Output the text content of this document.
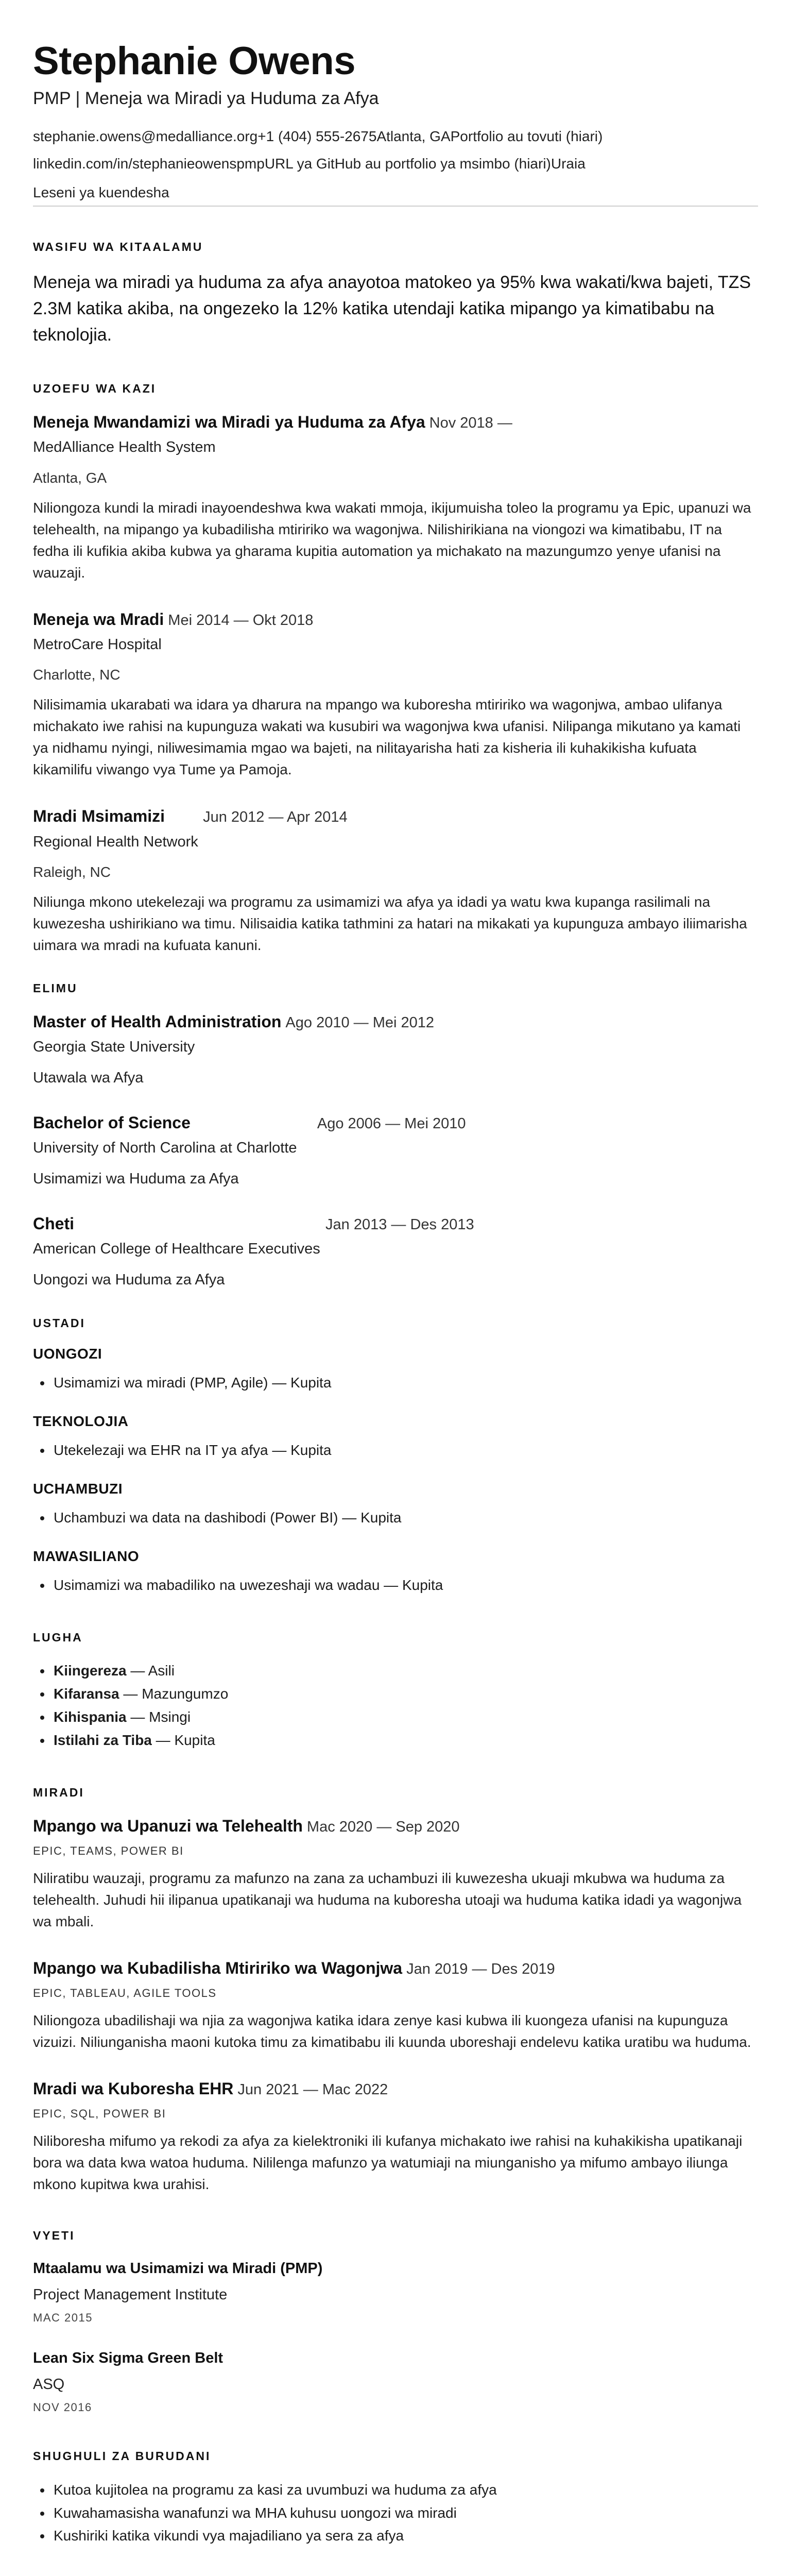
Stephanie Owens
PMP | Meneja wa Miradi ya Huduma za Afya
stephanie.owens@medalliance.org +1 (404) 555-2675 Atlanta, GA Portfolio au tovuti (hiari)
linkedin.com/in/stephanieowenspmp URL ya GitHub au portfolio ya msimbo (hiari) Uraia
Leseni ya kuendesha
WASIFU WA KITAALAMU

Meneja wa miradi ya huduma za afya anayotoa matokeo ya 95% kwa wakati/kwa bajeti, TZS 2.3M katika akiba, na ongezeko la 12% katika utendaji katika mipango ya kimatibabu na teknolojia.

UZOEFU WA KAZI
Meneja Mwandamizi wa Miradi ya Huduma za Afya Nov 2018 —
MedAlliance Health System
Atlanta, GA
Niliongoza kundi la miradi inayoendeshwa kwa wakati mmoja, ikijumuisha toleo la programu ya Epic, upanuzi wa telehealth, na mipango ya kubadilisha mtiririko wa wagonjwa. Nilishirikiana na viongozi wa kimatibabu, IT na fedha ili kufikia akiba kubwa ya gharama kupitia automation ya michakato na mazungumzo yenye ufanisi na wauzaji.
Meneja wa Mradi Mei 2014 — Okt 2018
MetroCare Hospital
Charlotte, NC
Nilisimamia ukarabati wa idara ya dharura na mpango wa kuboresha mtiririko wa wagonjwa, ambao ulifanya michakato iwe rahisi na kupunguza wakati wa kusubiri wa wagonjwa kwa ufanisi. Nilipanga mikutano ya kamati ya nidhamu nyingi, niliwesimamia mgao wa bajeti, na nilitayarisha hati za kisheria ili kuhakikisha kufuata kikamilifu viwango vya Tume ya Pamoja.
Mradi Msimamizi	Jun 2012 — Apr 2014
Regional Health Network
Raleigh, NC
Niliunga mkono utekelezaji wa programu za usimamizi wa afya ya idadi ya watu kwa kupanga rasilimali na kuwezesha ushirikiano wa timu. Nilisaidia katika tathmini za hatari na mikakati ya kupunguza ambayo iliimarisha uimara wa mradi na kufuata kanuni.
ELIMU
Master of Health Administration Ago 2010 — Mei 2012
Georgia State University
Utawala wa Afya
Bachelor of Science	Ago 2006 — Mei 2010
University of North Carolina at Charlotte
Usimamizi wa Huduma za Afya
Cheti	Jan 2013 — Des 2013
American College of Healthcare Executives
Uongozi wa Huduma za Afya
USTADI
UONGOZI
Usimamizi wa miradi (PMP, Agile) — Kupita
TEKNOLOJIA
Utekelezaji wa EHR na IT ya afya — Kupita
UCHAMBUZI
Uchambuzi wa data na dashibodi (Power BI) — Kupita
MAWASILIANO
Usimamizi wa mabadiliko na uwezeshaji wa wadau — Kupita
LUGHA
Kiingereza — Asili
Kifaransa — Mazungumzo
Kihispania — Msingi
Istilahi za Tiba — Kupita
MIRADI
Mpango wa Upanuzi wa Telehealth Mac 2020 — Sep 2020
EPIC, TEAMS, POWER BI
Niliratibu wauzaji, programu za mafunzo na zana za uchambuzi ili kuwezesha ukuaji mkubwa wa huduma za telehealth. Juhudi hii ilipanua upatikanaji wa huduma na kuboresha utoaji wa huduma katika idadi ya wagonjwa wa mbali.
Mpango wa Kubadilisha Mtiririko wa Wagonjwa Jan 2019 — Des 2019
EPIC, TABLEAU, AGILE TOOLS
Niliongoza ubadilishaji wa njia za wagonjwa katika idara zenye kasi kubwa ili kuongeza ufanisi na kupunguza vizuizi. Niliunganisha maoni kutoka timu za kimatibabu ili kuunda uboreshaji endelevu katika uratibu wa huduma.
Mradi wa Kuboresha EHR Jun 2021 — Mac 2022
EPIC, SQL, POWER BI
Niliboresha mifumo ya rekodi za afya za kielektroniki ili kufanya michakato iwe rahisi na kuhakikisha upatikanaji bora wa data kwa watoa huduma. Nililenga mafunzo ya watumiaji na miunganisho ya mifumo ambayo iliunga mkono kupitwa kwa urahisi.
VYETI
Mtaalamu wa Usimamizi wa Miradi (PMP)
Project Management Institute
MAC 2015
Lean Six Sigma Green Belt
ASQ
NOV 2016
SHUGHULI ZA BURUDANI
Kutoa kujitolea na programu za kasi za uvumbuzi wa huduma za afya
Kuwahamasisha wanafunzi wa MHA kuhusu uongozi wa miradi
Kushiriki katika vikundi vya majadiliano ya sera za afya
